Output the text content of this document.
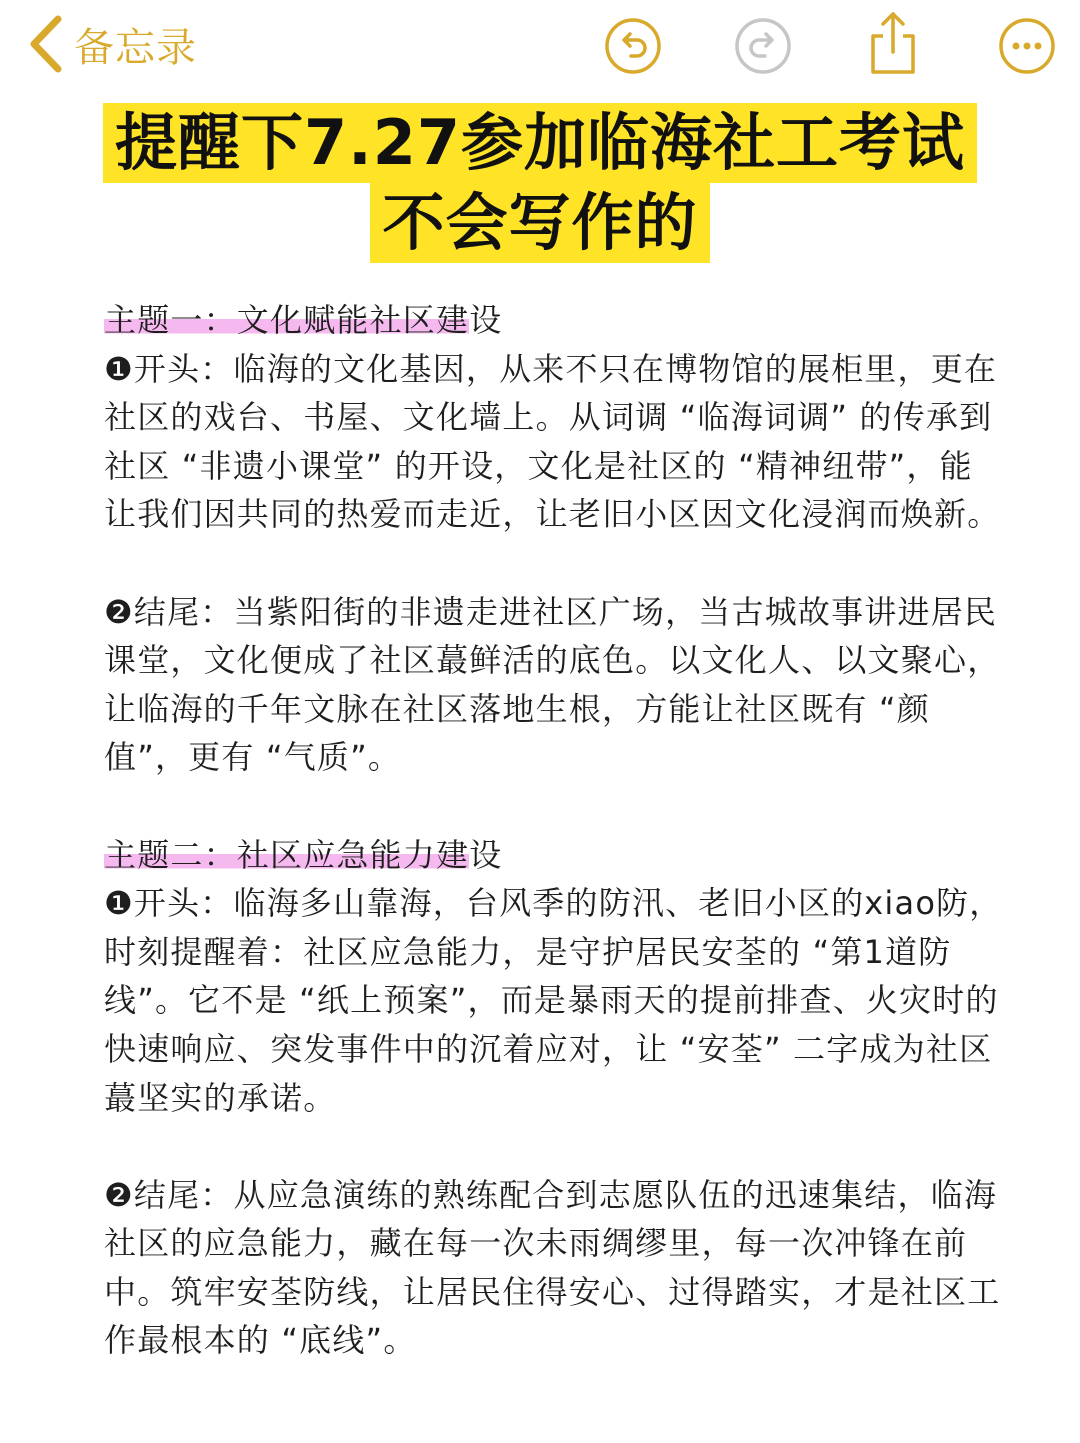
备忘录
提醒下7.27参加临海社工考试
不会写作的

主题一：文化赋能社区建设

❶开头：临海的文化基因，从来不只在博物馆的展柜里，更在社区的戏台、书屋、文化墙上。从词调 “临海词调” 的传承到社区 “非遗小课堂” 的开设，文化是社区的 “精神纽带”，能让我们因共同的热爱而走近，让老旧小区因文化浸润而焕新。

❷结尾：当紫阳街的非遗走进社区广场，当古城故事讲进居民课堂，文化便成了社区蕞鲜活的底色。以文化人、以文聚心，让临海的千年文脉在社区落地生根，方能让社区既有 “颜值”，更有 “气质”。

主题二：社区应急能力建设

❶开头：临海多山靠海，台风季的防汛、老旧小区的xiao防，时刻提醒着：社区应急能力，是守护居民安荃的 “第1道防线”。它不是 “纸上预案”，而是暴雨天的提前排查、火灾时的快速响应、突发事件中的沉着应对，让 “安荃” 二字成为社区蕞坚实的承诺。

❷结尾：从应急演练的熟练配合到志愿队伍的迅速集结，临海社区的应急能力，藏在每一次未雨绸缪里，每一次冲锋在前中。筑牢安荃防线，让居民住得安心、过得踏实，才是社区工作最根本的 “底线”。
